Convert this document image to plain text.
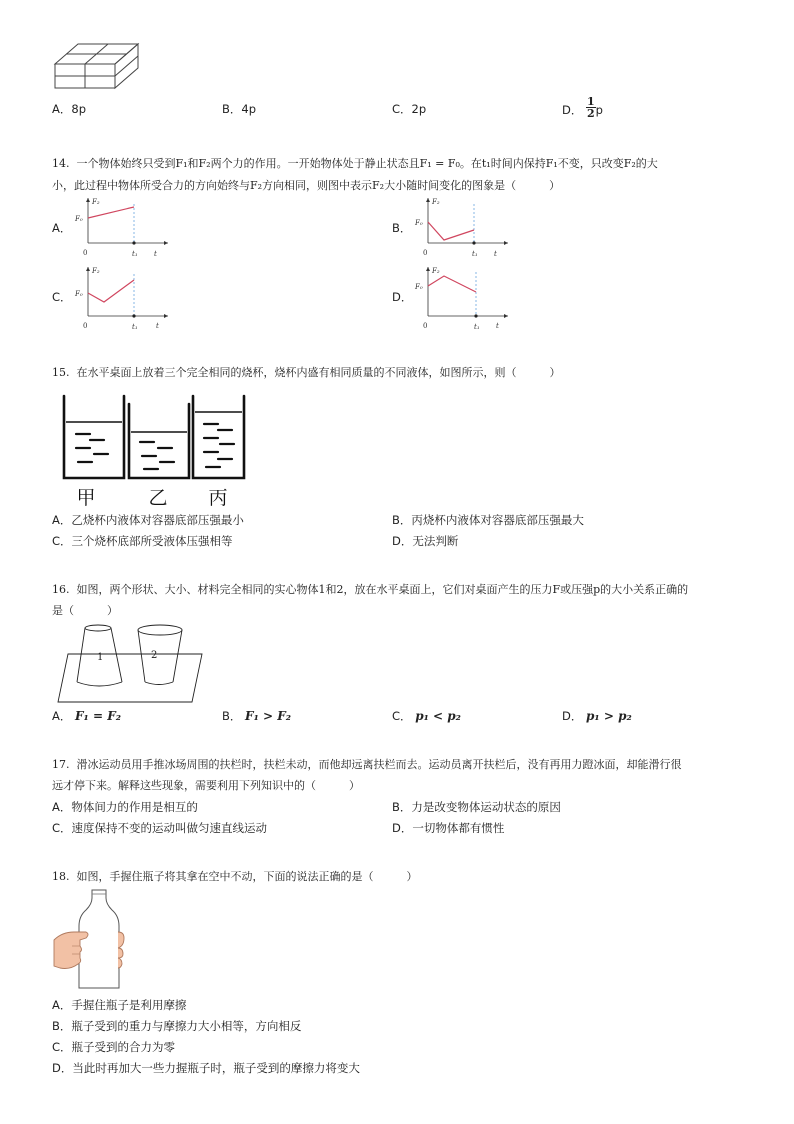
A．8p	B．4p	C．2p	D． $\frac{1}{2}$ p
14. 一个物体始终只受到F₁和F₂两个力的作用。一开始物体处于静止状态且F₁ = F₀。在t₁时间内保持F₁不变，只改变F₂的大
小，此过程中物体所受合力的方向始终与F₂方向相同，则图中表示F₂大小随时间变化的图象是（　　　）
A．	B．
C．	D．
F₂
F₀
0	t₁ t
F₂
F₀
0	t₁ t
F₂
F₀
0	t₁	t
F₂
F₀
0	t₁ t
15. 在水平桌面上放着三个完全相同的烧杯，烧杯内盛有相同质量的不同液体，如图所示，则（　　　）
甲	乙 丙
A．乙烧杯内液体对容器底部压强最小	B．丙烧杯内液体对容器底部压强最大
C．三个烧杯底部所受液体压强相等	D．无法判断
16. 如图，两个形状、大小、材料完全相同的实心物体1和2，放在水平桌面上，它们对桌面产生的压力F或压强p的大小关系正确的
是（　　　）
1	2
A． F₁ = F₂	B． F₁ > F₂	C． p₁ < p₂	D． p₁ > p₂
17. 滑冰运动员用手推冰场周围的扶栏时，扶栏未动，而他却远离扶栏而去。运动员离开扶栏后，没有再用力蹬冰面，却能滑行很
远才停下来。解释这些现象，需要利用下列知识中的（　　　）
A．物体间力的作用是相互的	B．力是改变物体运动状态的原因
C．速度保持不变的运动叫做匀速直线运动	D．一切物体都有惯性
18. 如图，手握住瓶子将其拿在空中不动，下面的说法正确的是（　　　）
A．手握住瓶子是利用摩擦
B．瓶子受到的重力与摩擦力大小相等，方向相反
C．瓶子受到的合力为零
D．当此时再加大一些力握瓶子时，瓶子受到的摩擦力将变大
